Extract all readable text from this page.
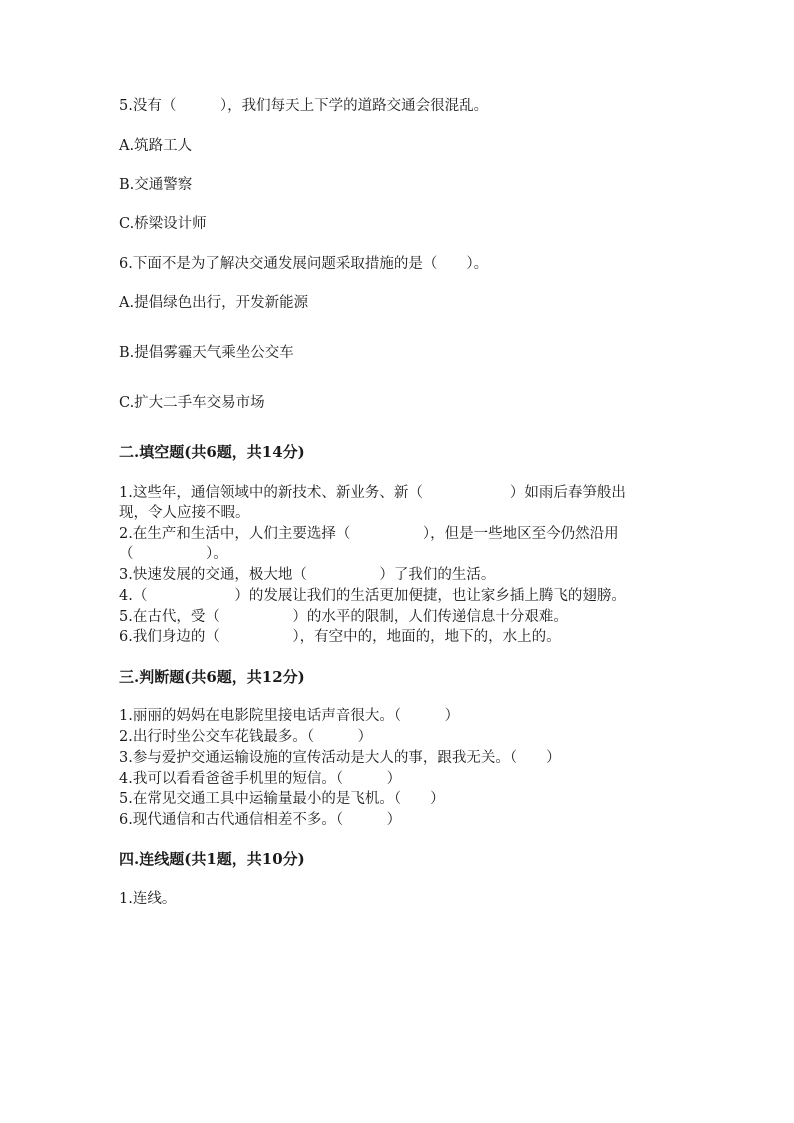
5.没有（　　　），我们每天上下学的道路交通会很混乱。
A.筑路工人
B.交通警察
C.桥梁设计师
6.下面不是为了解决交通发展问题采取措施的是（　　）。
A.提倡绿色出行，开发新能源
B.提倡雾霾天气乘坐公交车
C.扩大二手车交易市场
二.填空题(共6题，共14分)
1.这些年，通信领域中的新技术、新业务、新（　　　　　　）如雨后春笋般出
现，令人应接不暇。
2.在生产和生活中，人们主要选择（　　　　　），但是一些地区至今仍然沿用
（　　　　　）。
3.快速发展的交通，极大地（　　　　　）了我们的生活。
4.（　　　　　　）的发展让我们的生活更加便捷，也让家乡插上腾飞的翅膀。
5.在古代，受（　　　　　）的水平的限制，人们传递信息十分艰难。
6.我们身边的（　　　　　），有空中的，地面的，地下的，水上的。
三.判断题(共6题，共12分)
1.丽丽的妈妈在电影院里接电话声音很大。（　　　）
2.出行时坐公交车花钱最多。（　　　）
3.参与爱护交通运输设施的宣传活动是大人的事，跟我无关。（　　）
4.我可以看看爸爸手机里的短信。（　　　）
5.在常见交通工具中运输量最小的是飞机。（　　）
6.现代通信和古代通信相差不多。（　　　）
四.连线题(共1题，共10分)
1.连线。
